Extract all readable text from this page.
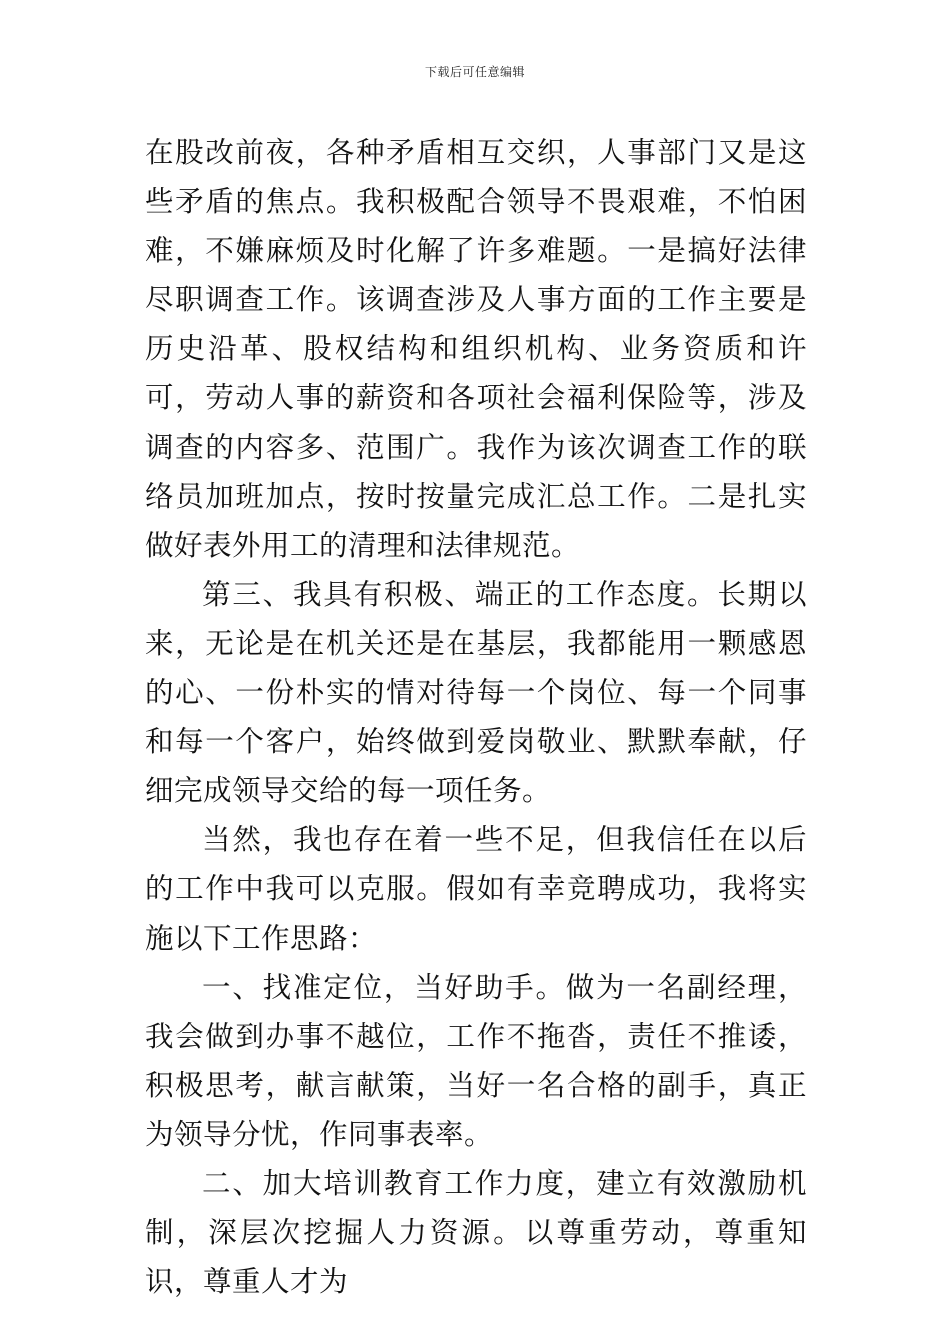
下载后可任意编辑

在股改前夜，各种矛盾相互交织，人事部门又是这些矛盾的焦点。我积极配合领导不畏艰难，不怕困难，不嫌麻烦及时化解了许多难题。一是搞好法律尽职调查工作。该调查涉及人事方面的工作主要是历史沿革、股权结构和组织机构、业务资质和许可，劳动人事的薪资和各项社会福利保险等，涉及调查的内容多、范围广。我作为该次调查工作的联络员加班加点，按时按量完成汇总工作。二是扎实做好表外用工的清理和法律规范。

第三、我具有积极、端正的工作态度。长期以来，无论是在机关还是在基层，我都能用一颗感恩的心、一份朴实的情对待每一个岗位、每一个同事和每一个客户，始终做到爱岗敬业、默默奉献，仔细完成领导交给的每一项任务。

当然，我也存在着一些不足，但我信任在以后的工作中我可以克服。假如有幸竞聘成功，我将实施以下工作思路：

一、找准定位，当好助手。做为一名副经理，我会做到办事不越位，工作不拖沓，责任不推诿，积极思考，献言献策，当好一名合格的副手，真正为领导分忧，作同事表率。

二、加大培训教育工作力度，建立有效激励机制，深层次挖掘人力资源。以尊重劳动，尊重知识，尊重人才为
